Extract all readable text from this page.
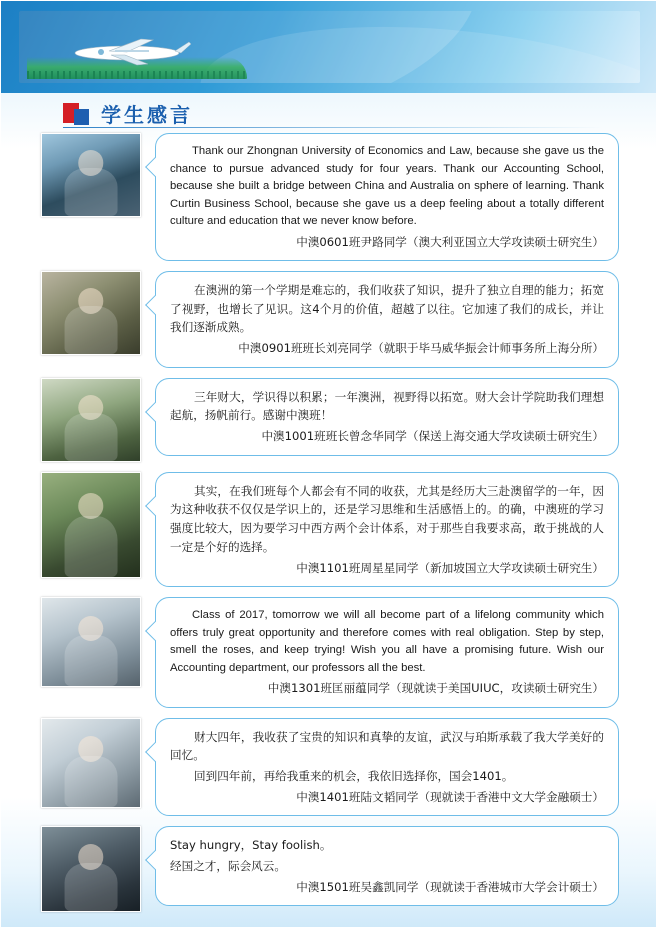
学生感言

Thank our Zhongnan University of Economics and Law, because she gave us the chance to pursue advanced study for four years. Thank our Accounting School, because she built a bridge between China and Australia on sphere of learning. Thank Curtin Business School, because she gave us a deep feeling about a totally different culture and education that we never know before.

中澳0601班尹路同学（澳大利亚国立大学攻读硕士研究生）

在澳洲的第一个学期是难忘的，我们收获了知识，提升了独立自理的能力；拓宽了视野，也增长了见识。这4个月的价值，超越了以往。它加速了我们的成长，并让我们逐渐成熟。

中澳0901班班长刘亮同学（就职于毕马威华振会计师事务所上海分所）

三年财大，学识得以积累；一年澳洲，视野得以拓宽。财大会计学院助我们理想起航，扬帆前行。感谢中澳班！

中澳1001班班长曾念华同学（保送上海交通大学攻读硕士研究生）

其实，在我们班每个人都会有不同的收获，尤其是经历大三赴澳留学的一年，因为这种收获不仅仅是学识上的，还是学习思维和生活感悟上的。的确，中澳班的学习强度比较大，因为要学习中西方两个会计体系，对于那些自我要求高，敢于挑战的人一定是个好的选择。

中澳1101班周星星同学（新加坡国立大学攻读硕士研究生）

Class of 2017, tomorrow we will all become part of a lifelong community which offers truly great opportunity and therefore comes with real obligation. Step by step, smell the roses, and keep trying! Wish you all have a promising future. Wish our Accounting department, our professors all the best.

中澳1301班匡丽蕴同学（现就读于美国UIUC，攻读硕士研究生）

财大四年，我收获了宝贵的知识和真挚的友谊，武汉与珀斯承载了我大学美好的回忆。

回到四年前，再给我重来的机会，我依旧选择你，国会1401。

中澳1401班陆文韬同学（现就读于香港中文大学金融硕士）

Stay hungry，Stay foolish。

经国之才，际会风云。

中澳1501班吴鑫凯同学（现就读于香港城市大学会计硕士）
